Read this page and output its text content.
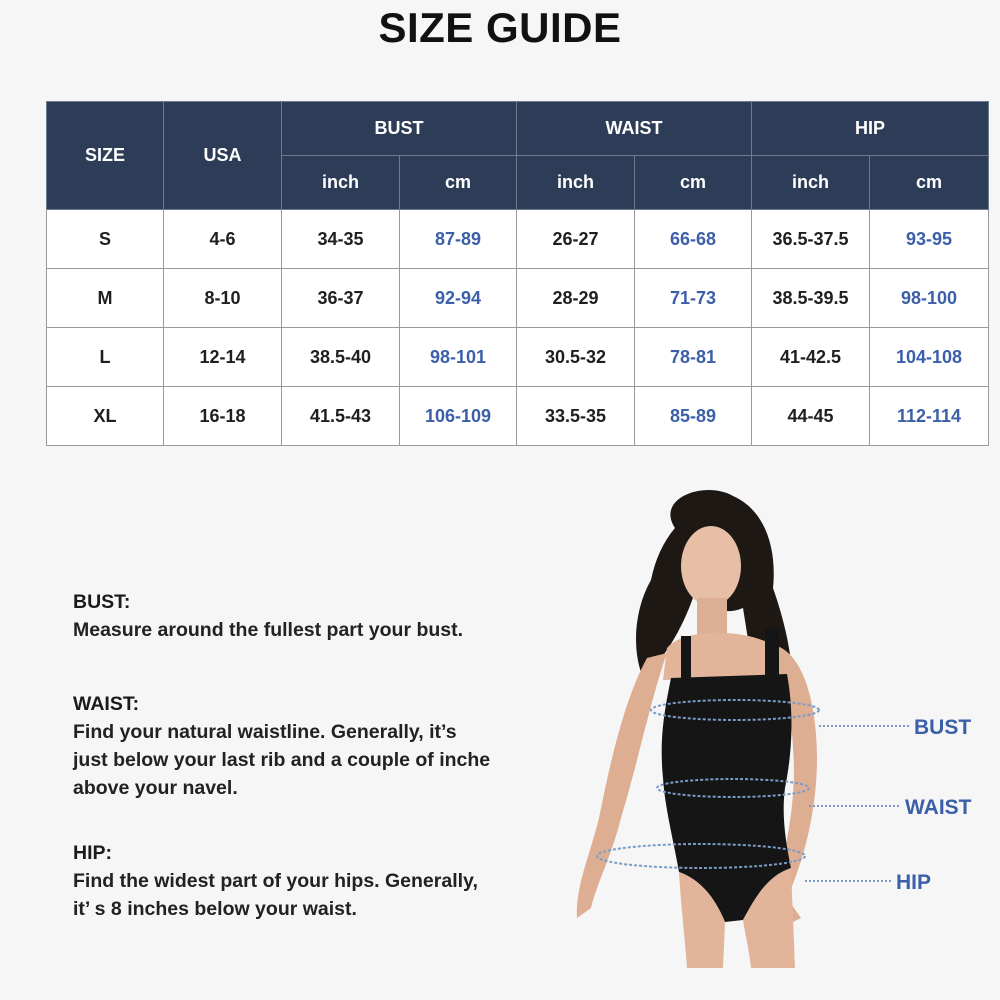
SIZE GUIDE
SIZE	USA	BUST		WAIST		HIP	
		inch	cm	inch	cm	inch	cm
S	4-6	34-35	87-89	26-27	66-68	36.5-37.5	93-95
M	8-10	36-37	92-94	28-29	71-73	38.5-39.5	98-100
L	12-14	38.5-40	98-101	30.5-32	78-81	41-42.5	104-108
XL	16-18	41.5-43	106-109	33.5-35	85-89	44-45	112-114
BUST:
Measure around the fullest part your bust.
WAIST:
Find your natural waistline. Generally, it’s
just below your last rib and a couple of inche
above your navel.
HIP:
Find the widest part of your hips. Generally,
it’ s 8 inches below your waist.
BUST
WAIST
HIP
